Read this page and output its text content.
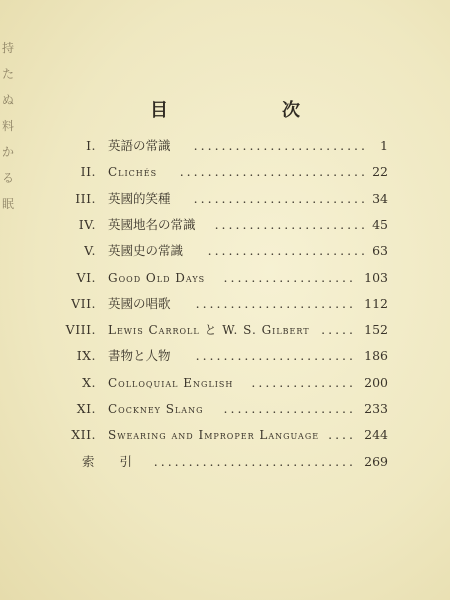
持
た
ぬ
料
か
る
眠
目　次
I. 英語の常識	......................... 1
II. Clichés	........................... 22
III. 英國的笑種	......................... 34
IV. 英國地名の常識	...................... 45
V. 英國史の常識	....................... 63
VI. Good Old Days	................... 103
VII. 英國の唱歌	....................... 112
VIII. Lewis Carroll と W. S. Gilbert ..... 152
IX. 書物と人物	....................... 186
X. Colloquial English	............... 200
XI. Cockney Slang	................... 233
XII. Swearing and Improper Language .... 244
索　　引	............................. 269
